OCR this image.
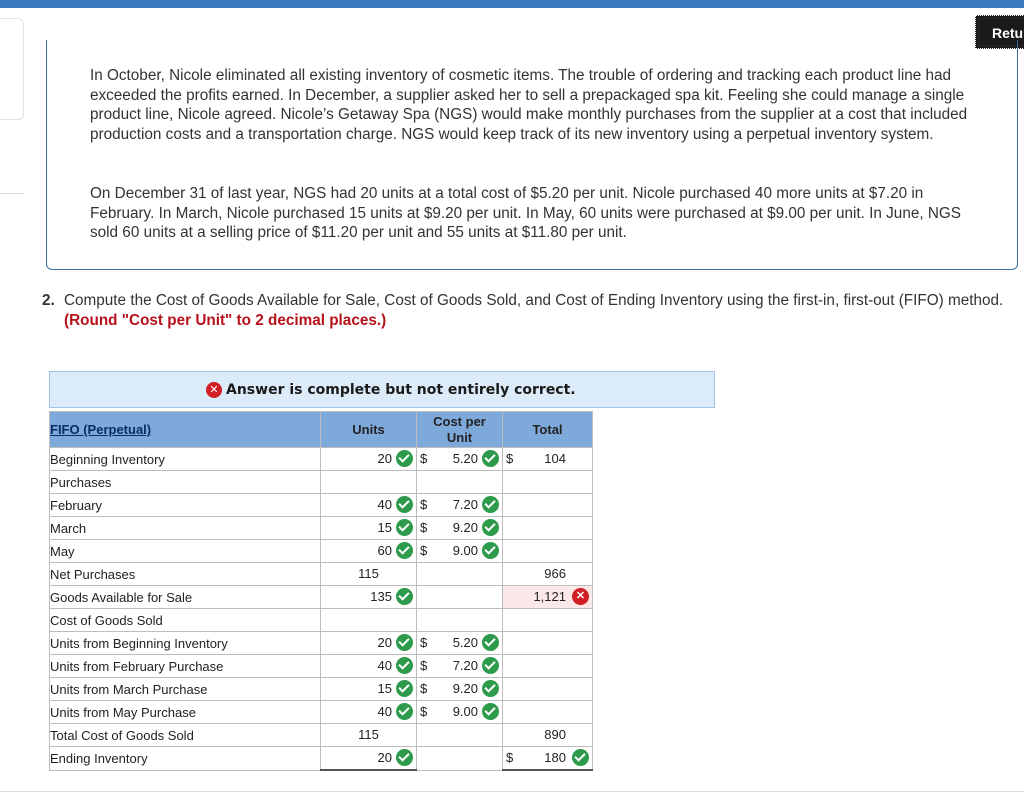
Retu

In October, Nicole eliminated all existing inventory of cosmetic items. The trouble of ordering and tracking each product line had exceeded the profits earned. In December, a supplier asked her to sell a prepackaged spa kit. Feeling she could manage a single product line, Nicole agreed. Nicole’s Getaway Spa (NGS) would make monthly purchases from the supplier at a cost that included production costs and a transportation charge. NGS would keep track of its new inventory using a perpetual inventory system.

On December 31 of last year, NGS had 20 units at a total cost of $5.20 per unit. Nicole purchased 40 more units at $7.20 in February. In March, Nicole purchased 15 units at $9.20 per unit. In May, 60 units were purchased at $9.00 per unit. In June, NGS sold 60 units at a selling price of $11.20 per unit and 55 units at $11.80 per unit.

2. Compute the Cost of Goods Available for Sale, Cost of Goods Sold, and Cost of Ending Inventory using the first-in, first-out (FIFO) method. (Round "Cost per Unit" to 2 decimal places.)
✕ Answer is complete but not entirely correct.
FIFO (Perpetual)	Units	Cost per Unit	Total
Beginning Inventory	20	$ 5.20	$ 104

Purchases			
February	40	$ 7.20	

March	15	$ 9.20	

May	60	$ 9.00	

Net Purchases	115		966

Goods Available for Sale	135		1,121 ✕

Cost of Goods Sold			
Units from Beginning Inventory	20	$ 5.20	

Units from February Purchase	40	$ 7.20	

Units from March Purchase	15	$ 9.20	

Units from May Purchase	40	$ 9.00	

Total Cost of Goods Sold	115		890

Ending Inventory	20		$ 180
